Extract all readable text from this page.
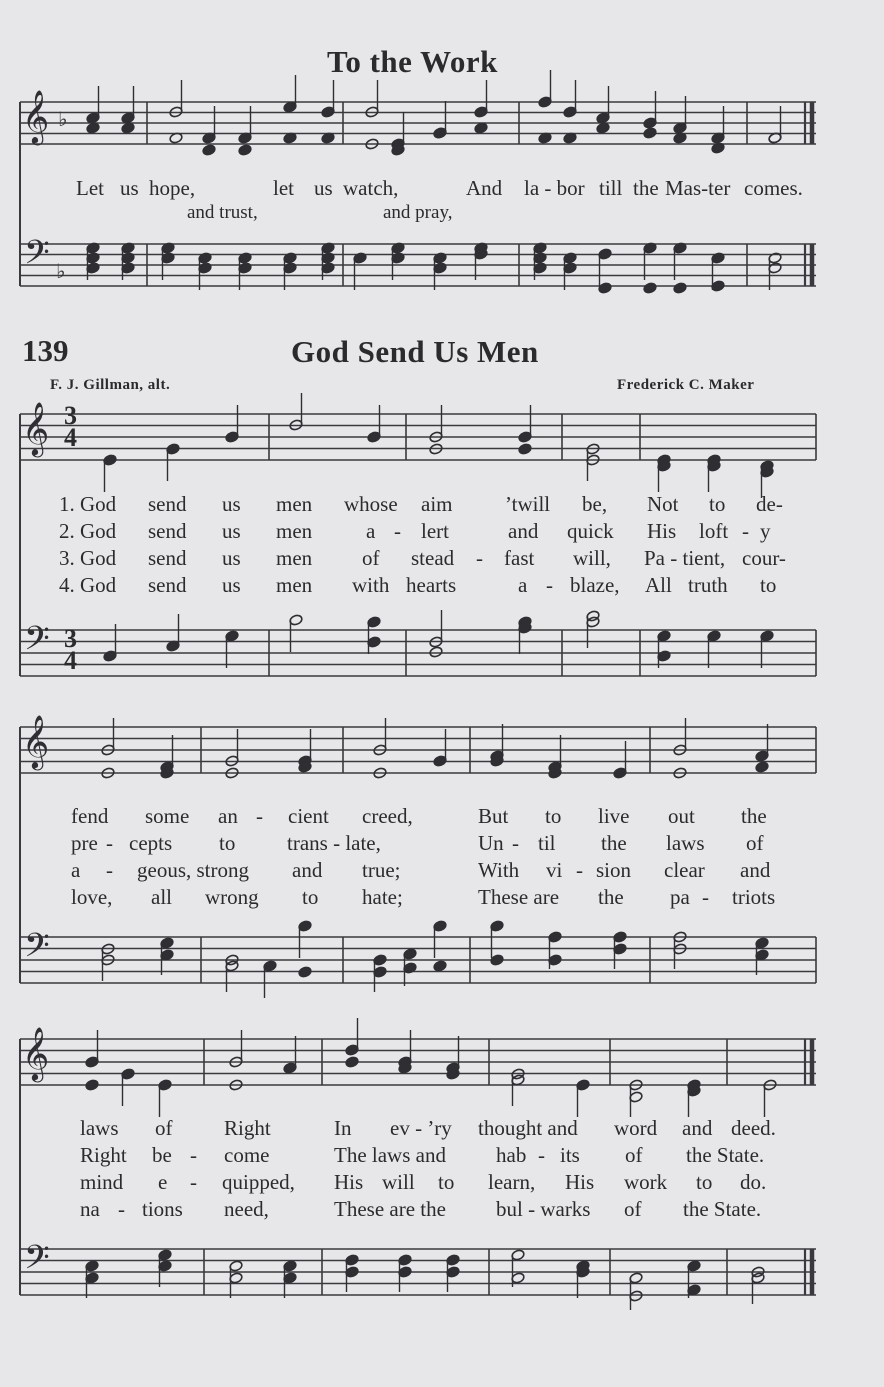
𝄞 ♭
𝄢 ♭
𝄞
𝄢
𝄞
𝄢
𝄞
𝄢
To the Work
Let us hope,	let us watch,	And la - bor till the Mas-ter comes.
and trust,	and pray,
139	God Send Us Men
F. J. Gillman, alt.	Frederick C. Maker
3
4
3
4
1. God send us men whose aim	’twill be, Not to de-
2. God send us men	a - lert	and quick His loft - y
3. God send us men of stead - fast will, Pa - tient, cour-
4. God send us men with hearts	a - blaze, All truth to
fend some an - cient creed,	But to live out the
pre - cepts to trans - late,	Un - til the laws of
a - geous, strong and true;	With vi - sion clear and
love, all wrong to hate;	These are the pa - triots
laws of Right	In ev - ’ry thought and word and deed.
Right be - come	The laws and hab - its of the State.
mind e - quipped, His will to learn, His work to do.
na - tions need,	These are the bul - warks of the State.
